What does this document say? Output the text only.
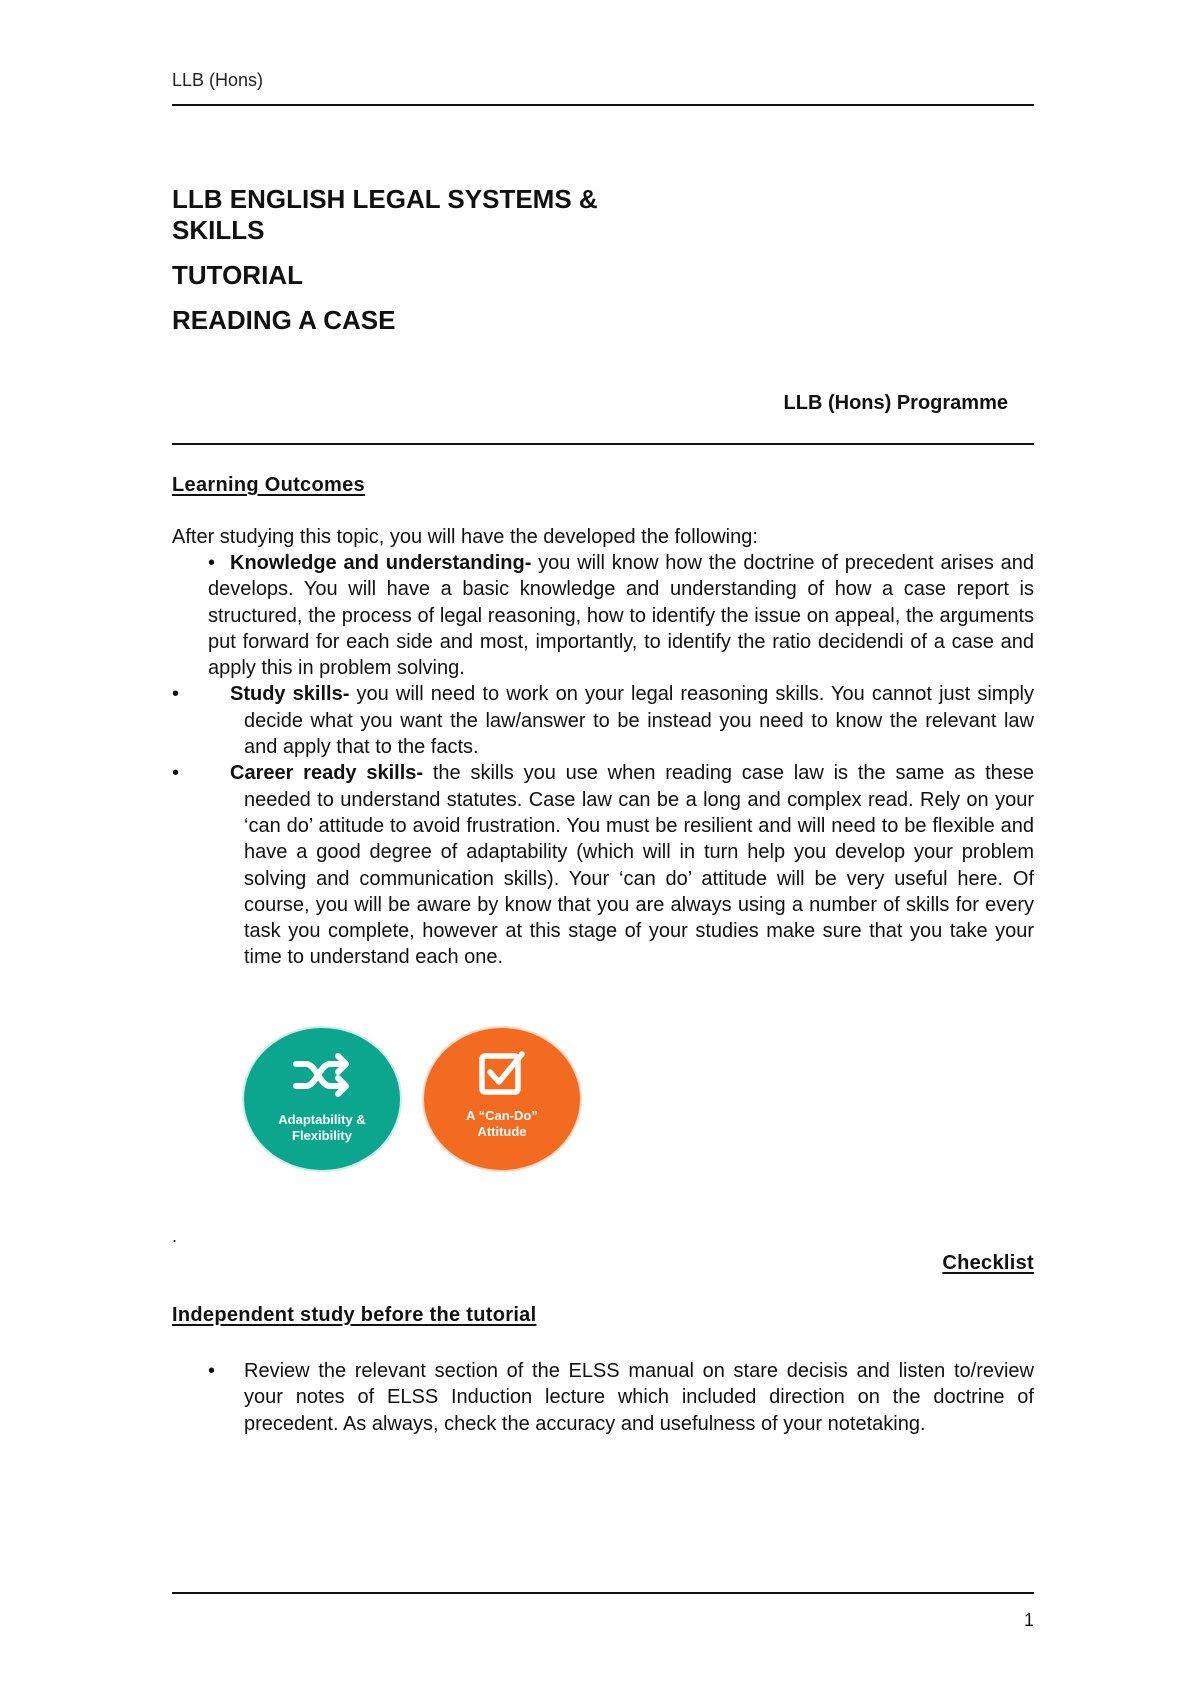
LLB (Hons)

LLB ENGLISH LEGAL SYSTEMS &

SKILLS

TUTORIAL

READING A CASE

LLB (Hons) Programme
Learning Outcomes
After studying this topic, you will have the developed the following:
• Knowledge and understanding- you will know how the doctrine of precedent arises and develops. You will have a basic knowledge and understanding of how a case report is structured, the process of legal reasoning, how to identify the issue on appeal, the arguments put forward for each side and most, importantly, to identify the ratio decidendi of a case and apply this in problem solving.
•	Study skills- you will need to work on your legal reasoning skills. You cannot just simply decide what you want the law/answer to be instead you need to know the relevant law and apply that to the facts.
•	Career ready skills- the skills you use when reading case law is the same as these needed to understand statutes. Case law can be a long and complex read. Rely on your ‘can do’ attitude to avoid frustration. You must be resilient and will need to be flexible and have a good degree of adaptability (which will in turn help you develop your problem solving and communication skills). Your ‘can do’ attitude will be very useful here. Of course, you will be aware by know that you are always using a number of skills for every task you complete, however at this stage of your studies make sure that you take your time to understand each one.
Adaptability &
Flexibility
A “Can-Do”
Attitude
.
Checklist
Independent study before the tutorial
• Review the relevant section of the ELSS manual on stare decisis and listen to/review your notes of ELSS Induction lecture which included direction on the doctrine of precedent. As always, check the accuracy and usefulness of your notetaking.
1
